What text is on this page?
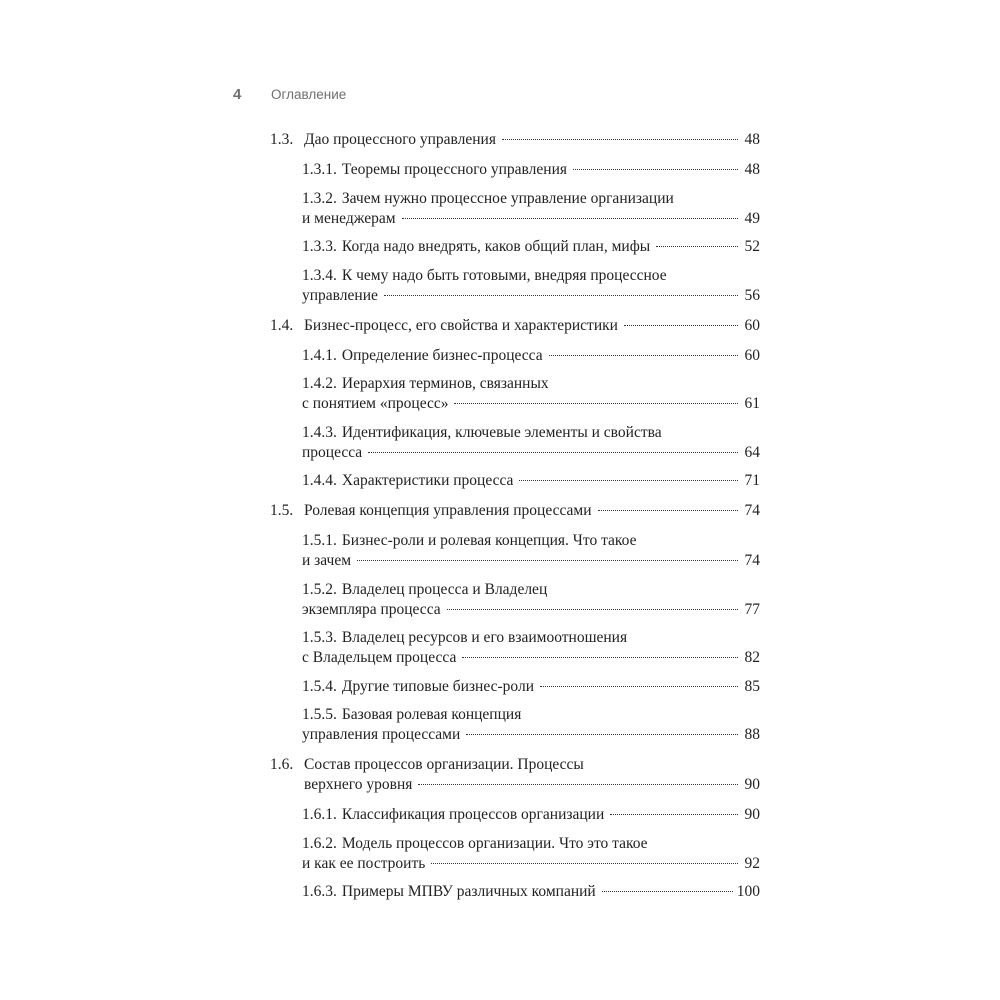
4 Оглавление
1.3. Дао процессного управления	48
1.3.1. Теоремы процессного управления	48
1.3.2. Зачем нужно процессное управление организации
и менеджерам	49
1.3.3. Когда надо внедрять, каков общий план, мифы	52
1.3.4. К чему надо быть готовыми, внедряя процессное
управление	56
1.4. Бизнес-процесс, его свойства и характеристики	60
1.4.1. Определение бизнес-процесса	60
1.4.2. Иерархия терминов, связанных
с понятием «процесс»	61
1.4.3. Идентификация, ключевые элементы и свойства
процесса	64
1.4.4. Характеристики процесса	71
1.5. Ролевая концепция управления процессами	74
1.5.1. Бизнес-роли и ролевая концепция. Что такое
и зачем	74
1.5.2. Владелец процесса и Владелец
экземпляра процесса	77
1.5.3. Владелец ресурсов и его взаимоотношения
с Владельцем процесса	82
1.5.4. Другие типовые бизнес-роли	85
1.5.5. Базовая ролевая концепция
управления процессами	88
1.6. Состав процессов организации. Процессы
верхнего уровня	90
1.6.1. Классификация процессов организации	90
1.6.2. Модель процессов организации. Что это такое
и как ее построить	92
1.6.3. Примеры МПВУ различных компаний	100
